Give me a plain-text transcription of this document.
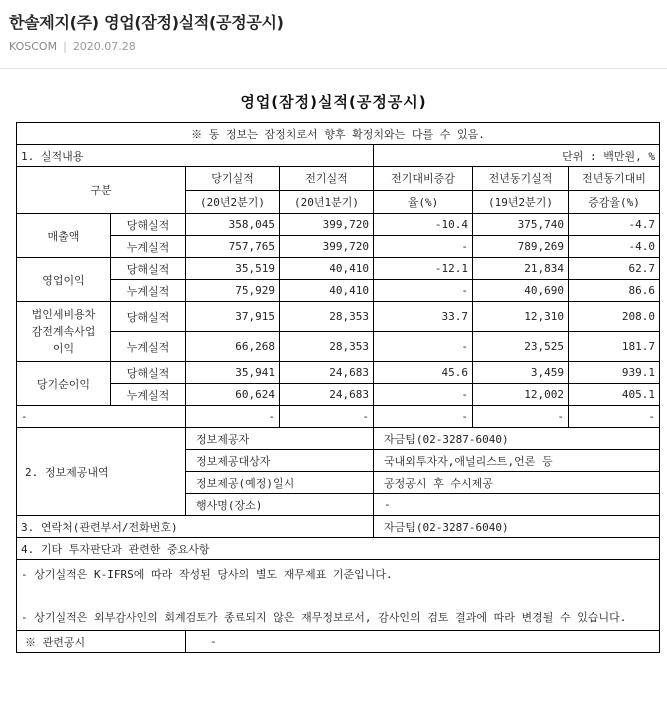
한솔제지(주) 영업(잠정)실적(공정공시)
KOSCOM | 2020.07.28
영업(잠정)실적(공정공시)
※ 동 정보는 잠정치로서 향후 확정치와는 다를 수 있음.						
1. 실적내용				단위 : 백만원, %		
구분		당기실적	전기실적	전기대비증감	전년동기실적	전년동기대비
		(20년2분기)	(20년1분기)	율(%)	(19년2분기)	증감율(%)
매출액	당해실적	358,045	399,720	-10.4	375,740	-4.7
	누계실적	757,765	399,720	-	789,269	-4.0
영업이익	당해실적	35,519	40,410	-12.1	21,834	62.7
	누계실적	75,929	40,410	-	40,690	86.6

법인세비용차
감전계속사업
이익	당해실적	37,915	28,353	33.7	12,310	208.0
	누계실적	66,268	28,353	-	23,525	181.7
당기순이익	당해실적	35,941	24,683	45.6	3,459	939.1
	누계실적	60,624	24,683	-	12,002	405.1
-		-	-	-	-	-
2. 정보제공내역		정보제공자		자금팀(02-3287-6040)		
		정보제공대상자		국내외투자자,애널리스트,언론 등		
		정보제공(예정)일시		공정공시 후 수시제공		
		행사명(장소)		-		
3. 연락처(관련부서/전화번호)				자금팀(02-3287-6040)		
4. 기타 투자판단과 관련한 중요사항						

- 상기실적은 K-IFRS에 따라 작성된 당사의 별도 재무제표 기준입니다.
- 상기실적은 외부감사인의 회계검토가 종료되지 않은 재무정보로서, 감사인의 검토 결과에 따라 변경될 수 있습니다.						

※ 관련공시		-				
